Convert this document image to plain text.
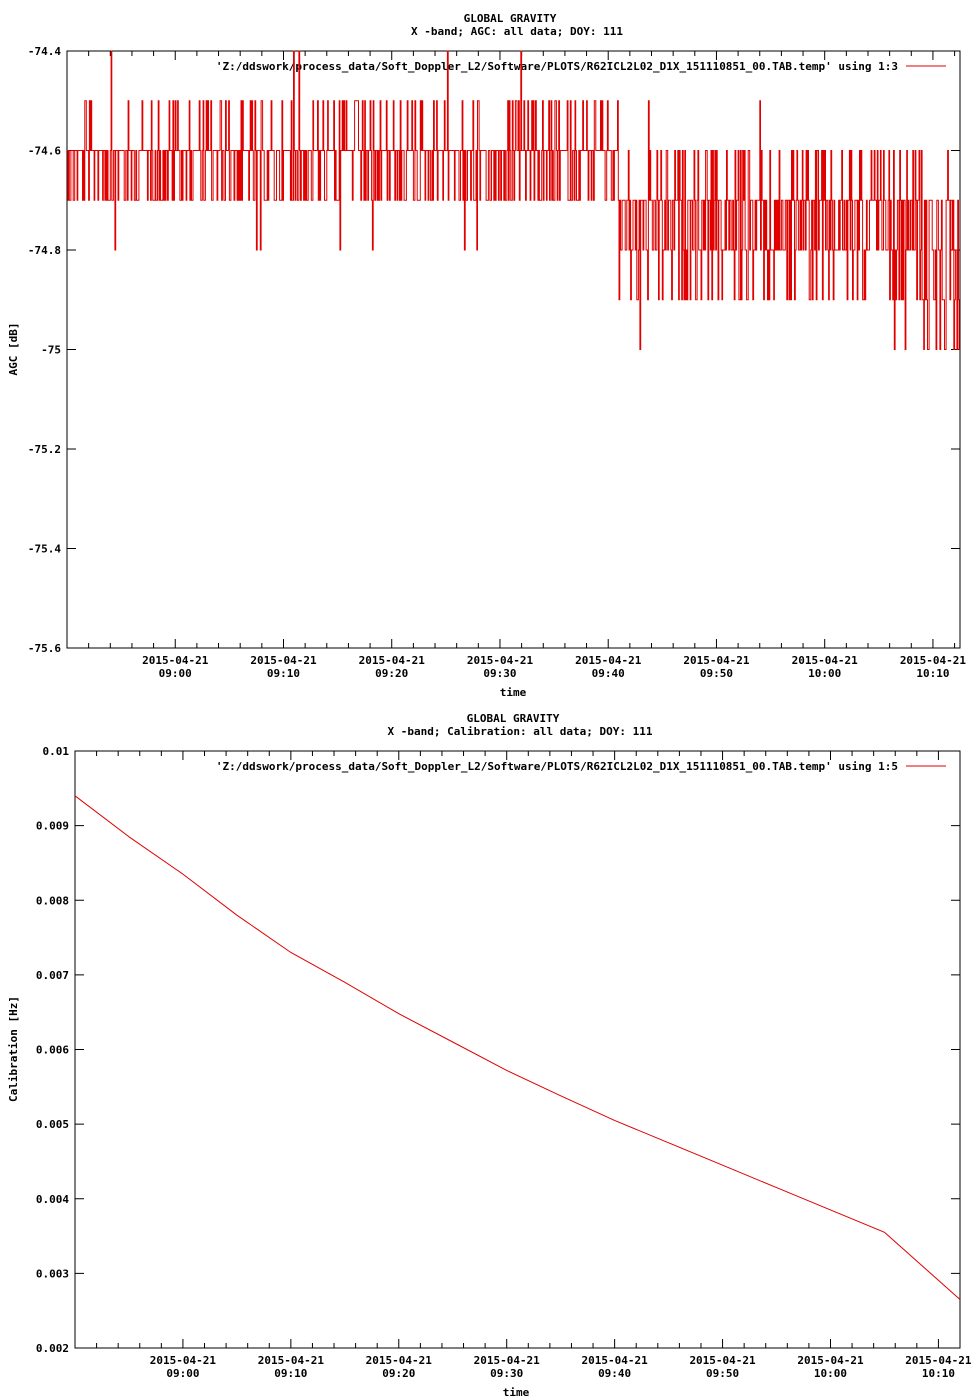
GLOBAL GRAVITY
X -band; AGC: all data; DOY: 111
-74.4
-74.6
-74.8
-75
-75.2
-75.4
-75.6
2015-04-21
09:00
2015-04-21
09:10
2015-04-21
09:20
2015-04-21
09:30
2015-04-21
09:40
2015-04-21
09:50
2015-04-21
10:00
2015-04-21
10:10
AGC [dB]
time
'Z:/ddswork/process_data/Soft_Doppler_L2/Software/PLOTS/R62ICL2L02_D1X_151110851_00.TAB.temp' using 1:3
GLOBAL GRAVITY
X -band; Calibration: all data; DOY: 111
0.01
0.009
0.008
0.007
0.006
0.005
0.004
0.003
0.002
2015-04-21
09:00
2015-04-21
09:10
2015-04-21
09:20
2015-04-21
09:30
2015-04-21
09:40
2015-04-21
09:50
2015-04-21
10:00
2015-04-21
10:10
Calibration [Hz]
time
'Z:/ddswork/process_data/Soft_Doppler_L2/Software/PLOTS/R62ICL2L02_D1X_151110851_00.TAB.temp' using 1:5
